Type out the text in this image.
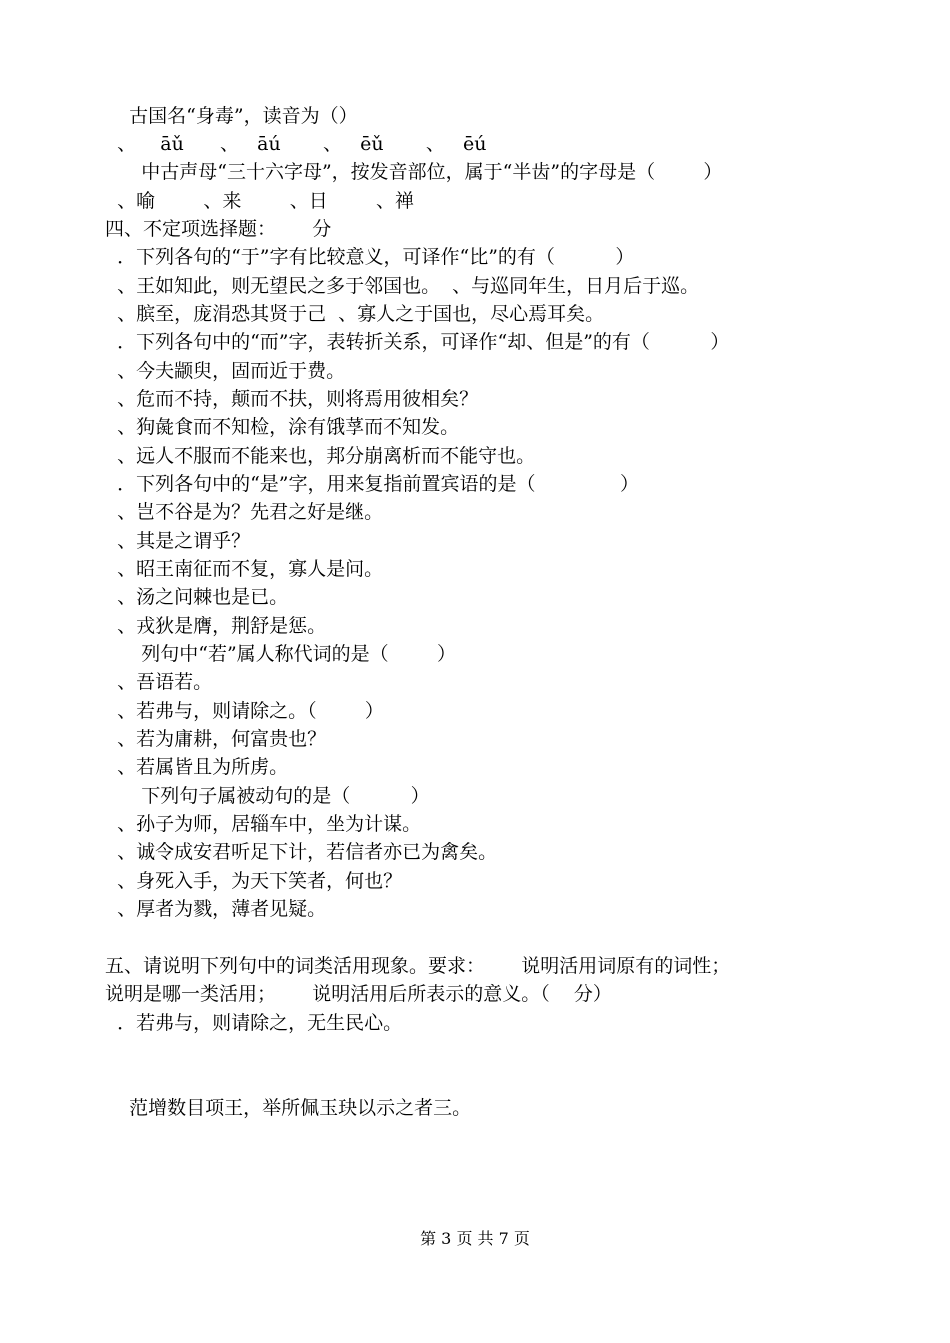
古国名“身毒”，读音为（）
、    āǔ      、   āú       、   ēǔ       、   ēú
中古声母“三十六字母”，按发音部位，属于“半齿”的字母是（        ）
、喻        、来        、日        、禅
四、不定项选择题：      分
．下列各句的“于”字有比较意义，可译作“比”的有（          ）
、王如知此，则无望民之多于邻国也。  、与巡同年生，日月后于巡。
、膑至，庞涓恐其贤于己  、寡人之于国也，尽心焉耳矣。
．下列各句中的“而”字，表转折关系，可译作“却、但是”的有（          ）
、今夫颛臾，固而近于费。
、危而不持，颠而不扶，则将焉用彼相矣？
、狗彘食而不知检，涂有饿莩而不知发。
、远人不服而不能来也，邦分崩离析而不能守也。
．下列各句中的“是”字，用来复指前置宾语的是（              ）
、岂不谷是为？先君之好是继。
、其是之谓乎？
、昭王南征而不复，寡人是问。
、汤之问棘也是已。
、戎狄是膺，荆舒是惩。
列句中“若”属人称代词的是（        ）
、吾语若。
、若弗与，则请除之。（        ）
、若为庸耕，何富贵也？
、若属皆且为所虏。
下列句子属被动句的是（          ）
、孙子为师，居辎车中，坐为计谋。
、诚令成安君听足下计，若信者亦已为禽矣。
、身死入手，为天下笑者，何也？
、厚者为戮，薄者见疑。
五、请说明下列句中的词类活用现象。要求：      说明活用词原有的词性；
说明是哪一类活用；      说明活用后所表示的意义。（    分）
．若弗与，则请除之，无生民心。
范增数目项王，举所佩玉玦以示之者三。
第 3 页 共 7 页
